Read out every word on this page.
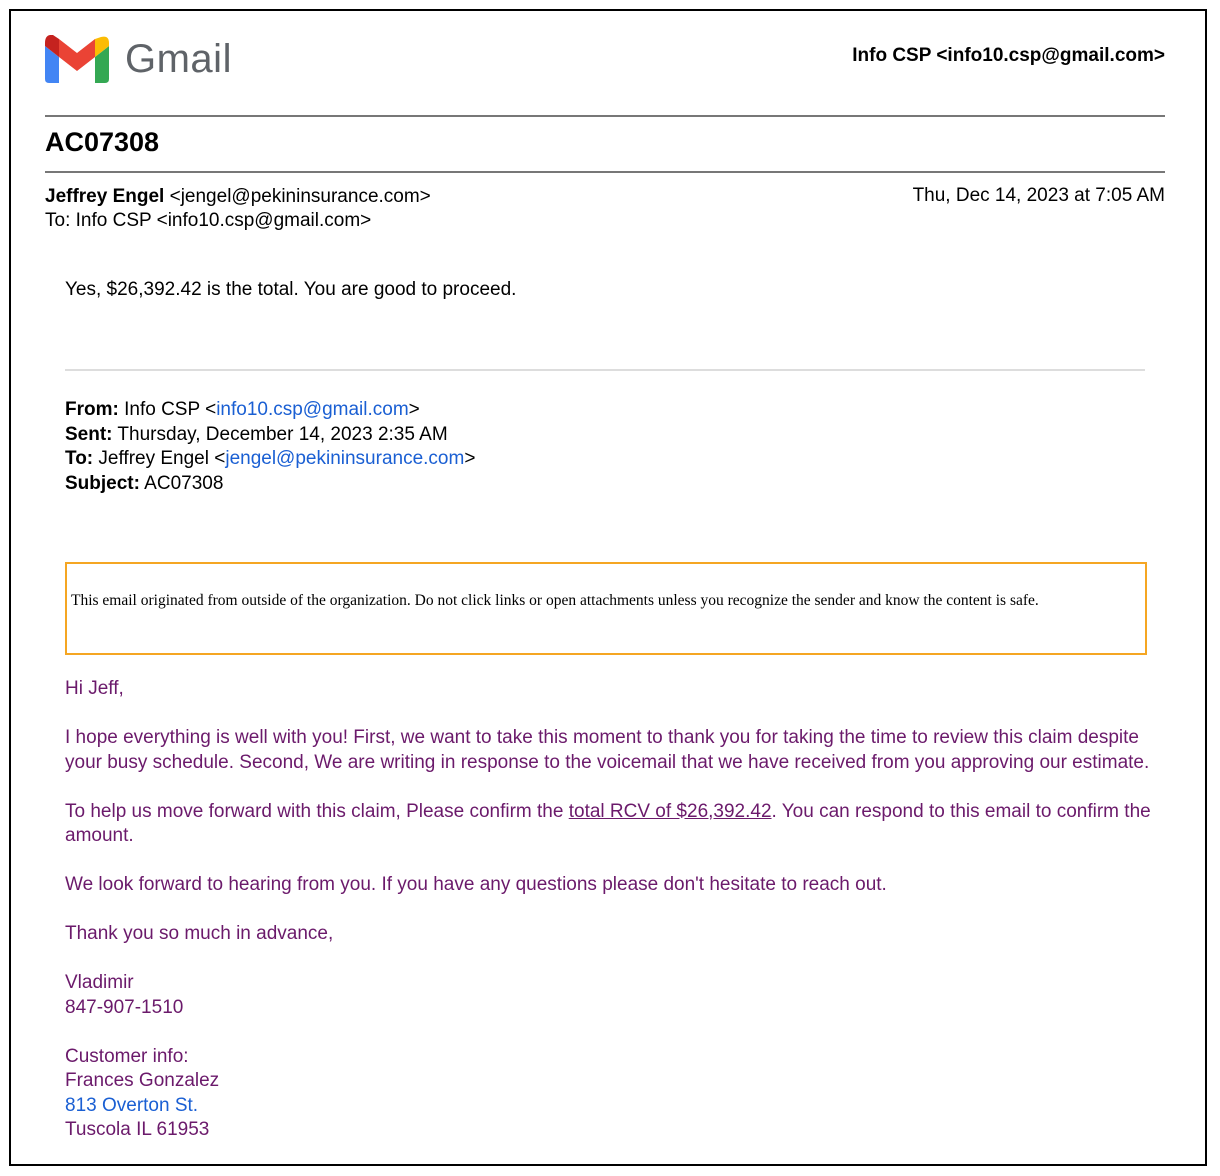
Gmail	Info CSP <info10.csp@gmail.com>
AC07308
Jeffrey Engel <jengel@pekininsurance.com>
To: Info CSP <info10.csp@gmail.com>
Thu, Dec 14, 2023 at 7:05 AM
Yes, $26,392.42 is the total. You are good to proceed.
From: Info CSP <info10.csp@gmail.com>
Sent: Thursday, December 14, 2023 2:35 AM
To: Jeffrey Engel <jengel@pekininsurance.com>
Subject: AC07308
This email originated from outside of the organization. Do not click links or open attachments unless you recognize the sender and know the content is safe.

Hi Jeff,

I hope everything is well with you! First, we want to take this moment to thank you for taking the time to review this claim despite your busy schedule. Second, We are writing in response to the voicemail that we have received from you approving our estimate.

To help us move forward with this claim, Please confirm the total RCV of $26,392.42. You can respond to this email to confirm the amount.

We look forward to hearing from you. If you have any questions please don't hesitate to reach out.

Thank you so much in advance,

Vladimir
847-907-1510

Customer info:
Frances Gonzalez
813 Overton St.
Tuscola IL 61953
